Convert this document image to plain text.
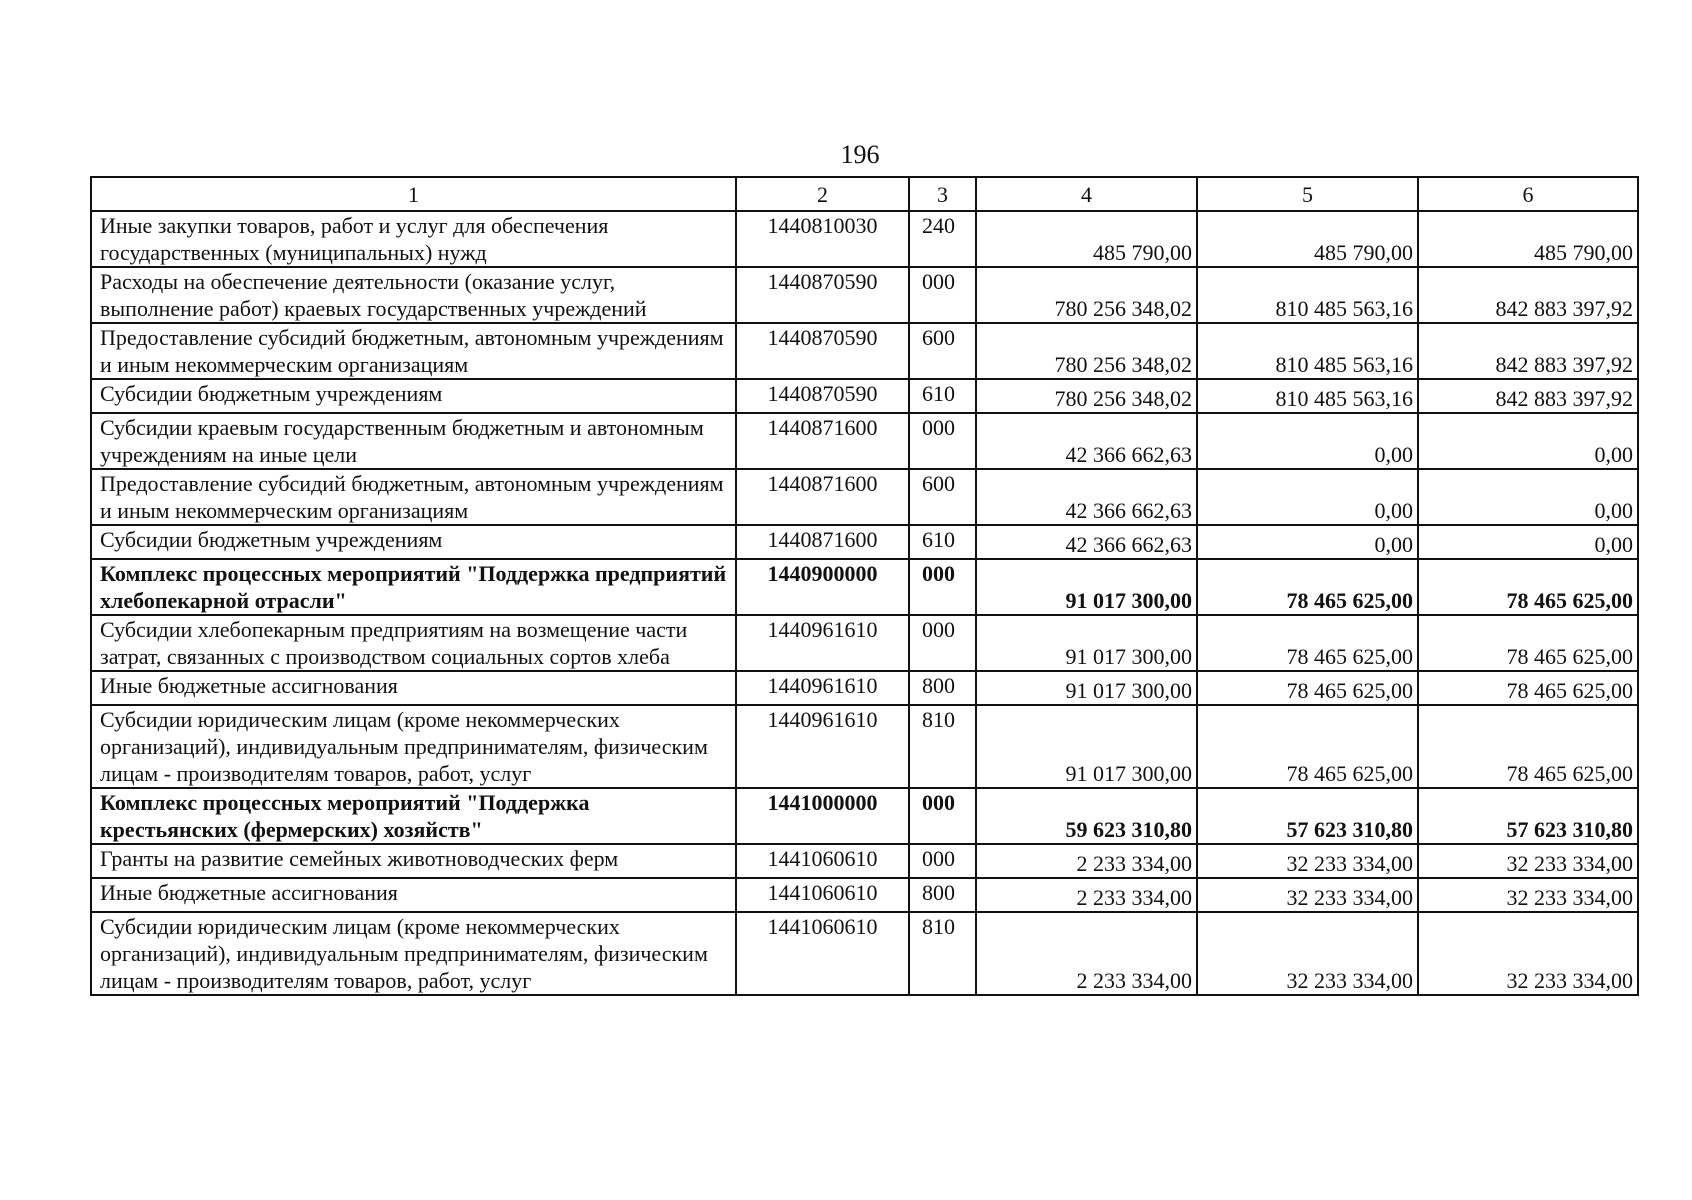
196
1	2	3	4	5	6
Иные закупки товаров, работ и услуг для обеспечения государственных (муниципальных) нужд	1440810030	240	485 790,00	485 790,00	485 790,00
Расходы на обеспечение деятельности (оказание услуг, выполнение работ) краевых государственных учреждений	1440870590	000	780 256 348,02	810 485 563,16	842 883 397,92
Предоставление субсидий бюджетным, автономным учреждениям и иным некоммерческим организациям	1440870590	600	780 256 348,02	810 485 563,16	842 883 397,92
Субсидии бюджетным учреждениям	1440870590	610	780 256 348,02	810 485 563,16	842 883 397,92
Субсидии краевым государственным бюджетным и автономным учреждениям на иные цели	1440871600	000	42 366 662,63	0,00	0,00
Предоставление субсидий бюджетным, автономным учреждениям и иным некоммерческим организациям	1440871600	600	42 366 662,63	0,00	0,00
Субсидии бюджетным учреждениям	1440871600	610	42 366 662,63	0,00	0,00
Комплекс процессных мероприятий "Поддержка предприятий хлебопекарной отрасли"	1440900000	000	91 017 300,00	78 465 625,00	78 465 625,00
Субсидии хлебопекарным предприятиям на возмещение части затрат, связанных с производством социальных сортов хлеба	1440961610	000	91 017 300,00	78 465 625,00	78 465 625,00
Иные бюджетные ассигнования	1440961610	800	91 017 300,00	78 465 625,00	78 465 625,00
Субсидии юридическим лицам (кроме некоммерческих организаций), индивидуальным предпринимателям, физическим лицам - производителям товаров, работ, услуг	1440961610	810	91 017 300,00	78 465 625,00	78 465 625,00
Комплекс процессных мероприятий "Поддержка крестьянских (фермерских) хозяйств"	1441000000	000	59 623 310,80	57 623 310,80	57 623 310,80
Гранты на развитие семейных животноводческих ферм	1441060610	000	2 233 334,00	32 233 334,00	32 233 334,00
Иные бюджетные ассигнования	1441060610	800	2 233 334,00	32 233 334,00	32 233 334,00
Субсидии юридическим лицам (кроме некоммерческих организаций), индивидуальным предпринимателям, физическим лицам - производителям товаров, работ, услуг	1441060610	810	2 233 334,00	32 233 334,00	32 233 334,00
